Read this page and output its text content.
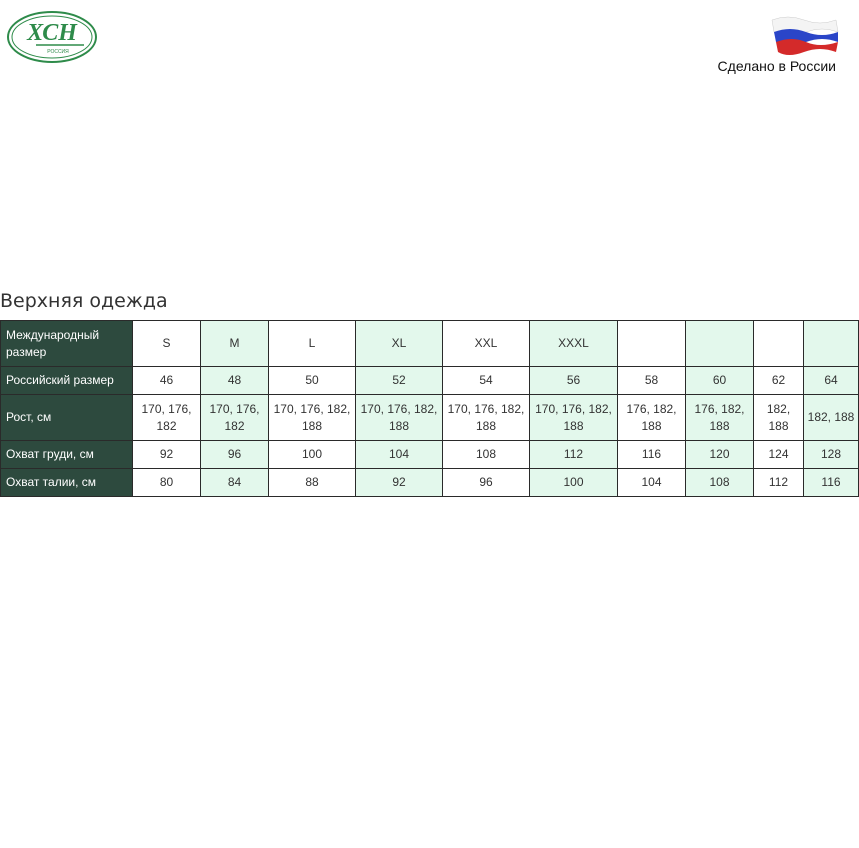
ХСН
РОССИЯ
Сделано в России
Верхняя одежда
Международный размер	S	M	L	XL	XXL	XXXL				
Российский размер	46	48	50	52	54	56	58	60	62	64
Рост, см	170, 176, 182	170, 176, 182	170, 176, 182, 188	170, 176, 182, 188	170, 176, 182, 188	170, 176, 182, 188	176, 182, 188	176, 182, 188	182, 188	182, 188
Охват груди, см	92	96	100	104	108	112	116	120	124	128
Охват талии, см	80	84	88	92	96	100	104	108	112	116
